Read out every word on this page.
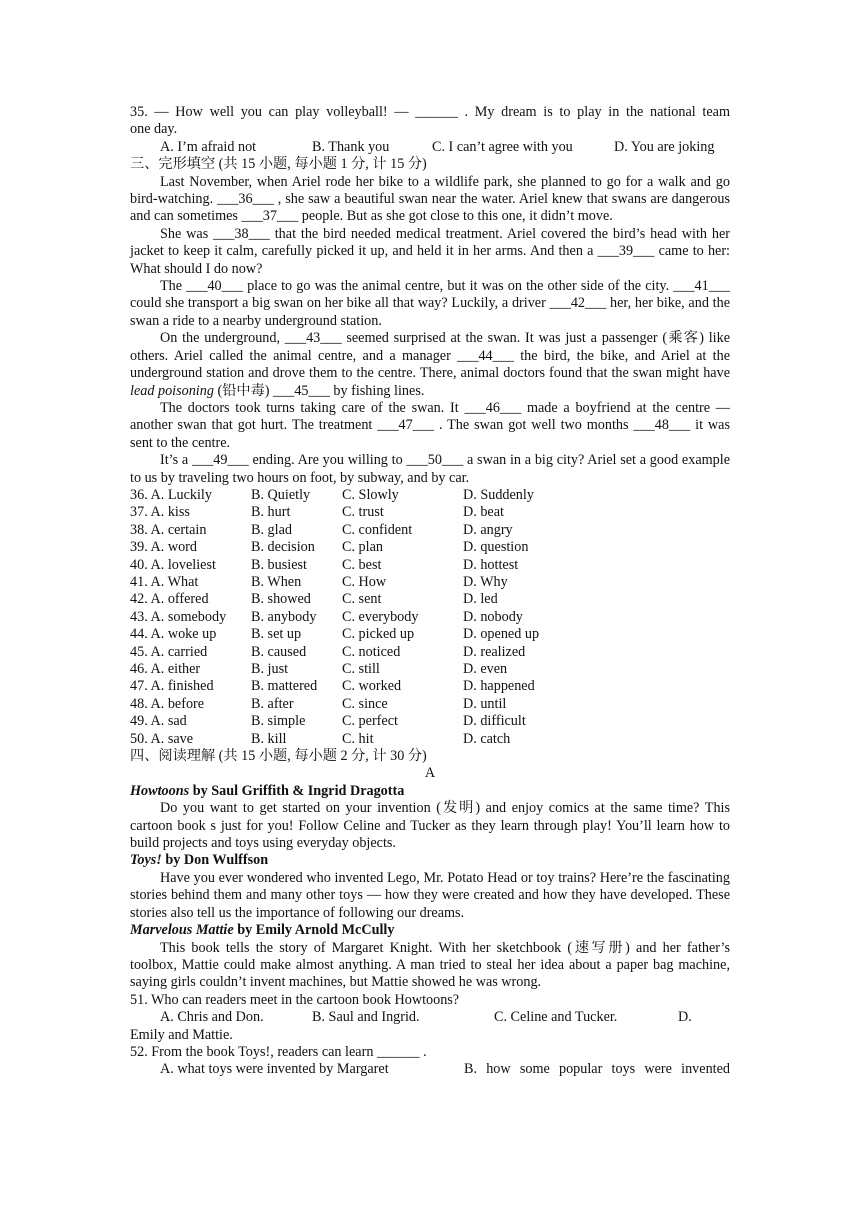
35. — How well you can play volleyball! — ______ . My dream is to play in the national team

one day.

A. I’m afraid not	B. Thank you	C. I can’t agree with you	D. You are joking

三、完形填空 (共 15 小题, 每小题 1 分, 计 15 分)

Last November, when Ariel rode her bike to a wildlife park, she planned to go for a walk and go bird-watching. ___36___ , she saw a beautiful swan near the water. Ariel knew that swans are dangerous and can sometimes ___37___ people. But as she got close to this one, it didn’t move.

She was ___38___ that the bird needed medical treatment. Ariel covered the bird’s head with her jacket to keep it calm, carefully picked it up, and held it in her arms. And then a ___39___ came to her: What should I do now?

The ___40___ place to go was the animal centre, but it was on the other side of the city. ___41___ could she transport a big swan on her bike all that way? Luckily, a driver ___42___ her, her bike, and the swan a ride to a nearby underground station.

On the underground, ___43___ seemed surprised at the swan. It was just a passenger (乘客) like others. Ariel called the animal centre, and a manager ___44___ the bird, the bike, and Ariel at the underground station and drove them to the centre. There, animal doctors found that the swan might have lead poisoning (铅中毒) ___45___ by fishing lines.

The doctors took turns taking care of the swan. It ___46___ made a boyfriend at the centre — another swan that got hurt. The treatment ___47___ . The swan got well two months ___48___ it was sent to the centre.

It’s a ___49___ ending. Are you willing to ___50___ a swan in a big city? Ariel set a good example to us by traveling two hours on foot, by subway, and by car.

36. A. Luckily	B. Quietly	C. Slowly	D. Suddenly
37. A. kiss	B. hurt	C. trust	D. beat
38. A. certain	B. glad	C. confident	D. angry
39. A. word	B. decision	C. plan	D. question
40. A. loveliest	B. busiest	C. best	D. hottest
41. A. What	B. When	C. How	D. Why
42. A. offered	B. showed	C. sent	D. led
43. A. somebody	B. anybody	C. everybody	D. nobody
44. A. woke up	B. set up	C. picked up	D. opened up
45. A. carried	B. caused	C. noticed	D. realized
46. A. either	B. just	C. still	D. even
47. A. finished	B. mattered	C. worked	D. happened
48. A. before	B. after	C. since	D. until
49. A. sad	B. simple	C. perfect	D. difficult
50. A. save	B. kill	C. hit	D. catch

四、阅读理解 (共 15 小题, 每小题 2 分, 计 30 分)

A

Howtoons by Saul Griffith & Ingrid Dragotta

Do you want to get started on your invention (发明) and enjoy comics at the same time? This cartoon book s just for you! Follow Celine and Tucker as they learn through play! You’ll learn how to build projects and toys using everyday objects.

Toys! by Don Wulffson

Have you ever wondered who invented Lego, Mr. Potato Head or toy trains? Here’re the fascinating stories behind them and many other toys — how they were created and how they have developed. These stories also tell us the importance of following our dreams.

Marvelous Mattie by Emily Arnold McCully

This book tells the story of Margaret Knight. With her sketchbook (速写册) and her father’s toolbox, Mattie could make almost anything. A man tried to steal her idea about a paper bag machine, saying girls couldn’t invent machines, but Mattie showed he was wrong.

51. Who can readers meet in the cartoon book Howtoons?

A. Chris and Don.	B. Saul and Ingrid.	C. Celine and Tucker.	D.

Emily and Mattie.

52. From the book Toys!, readers can learn ______ .

A. what toys were invented by Margaret	B. how some popular toys were invented
